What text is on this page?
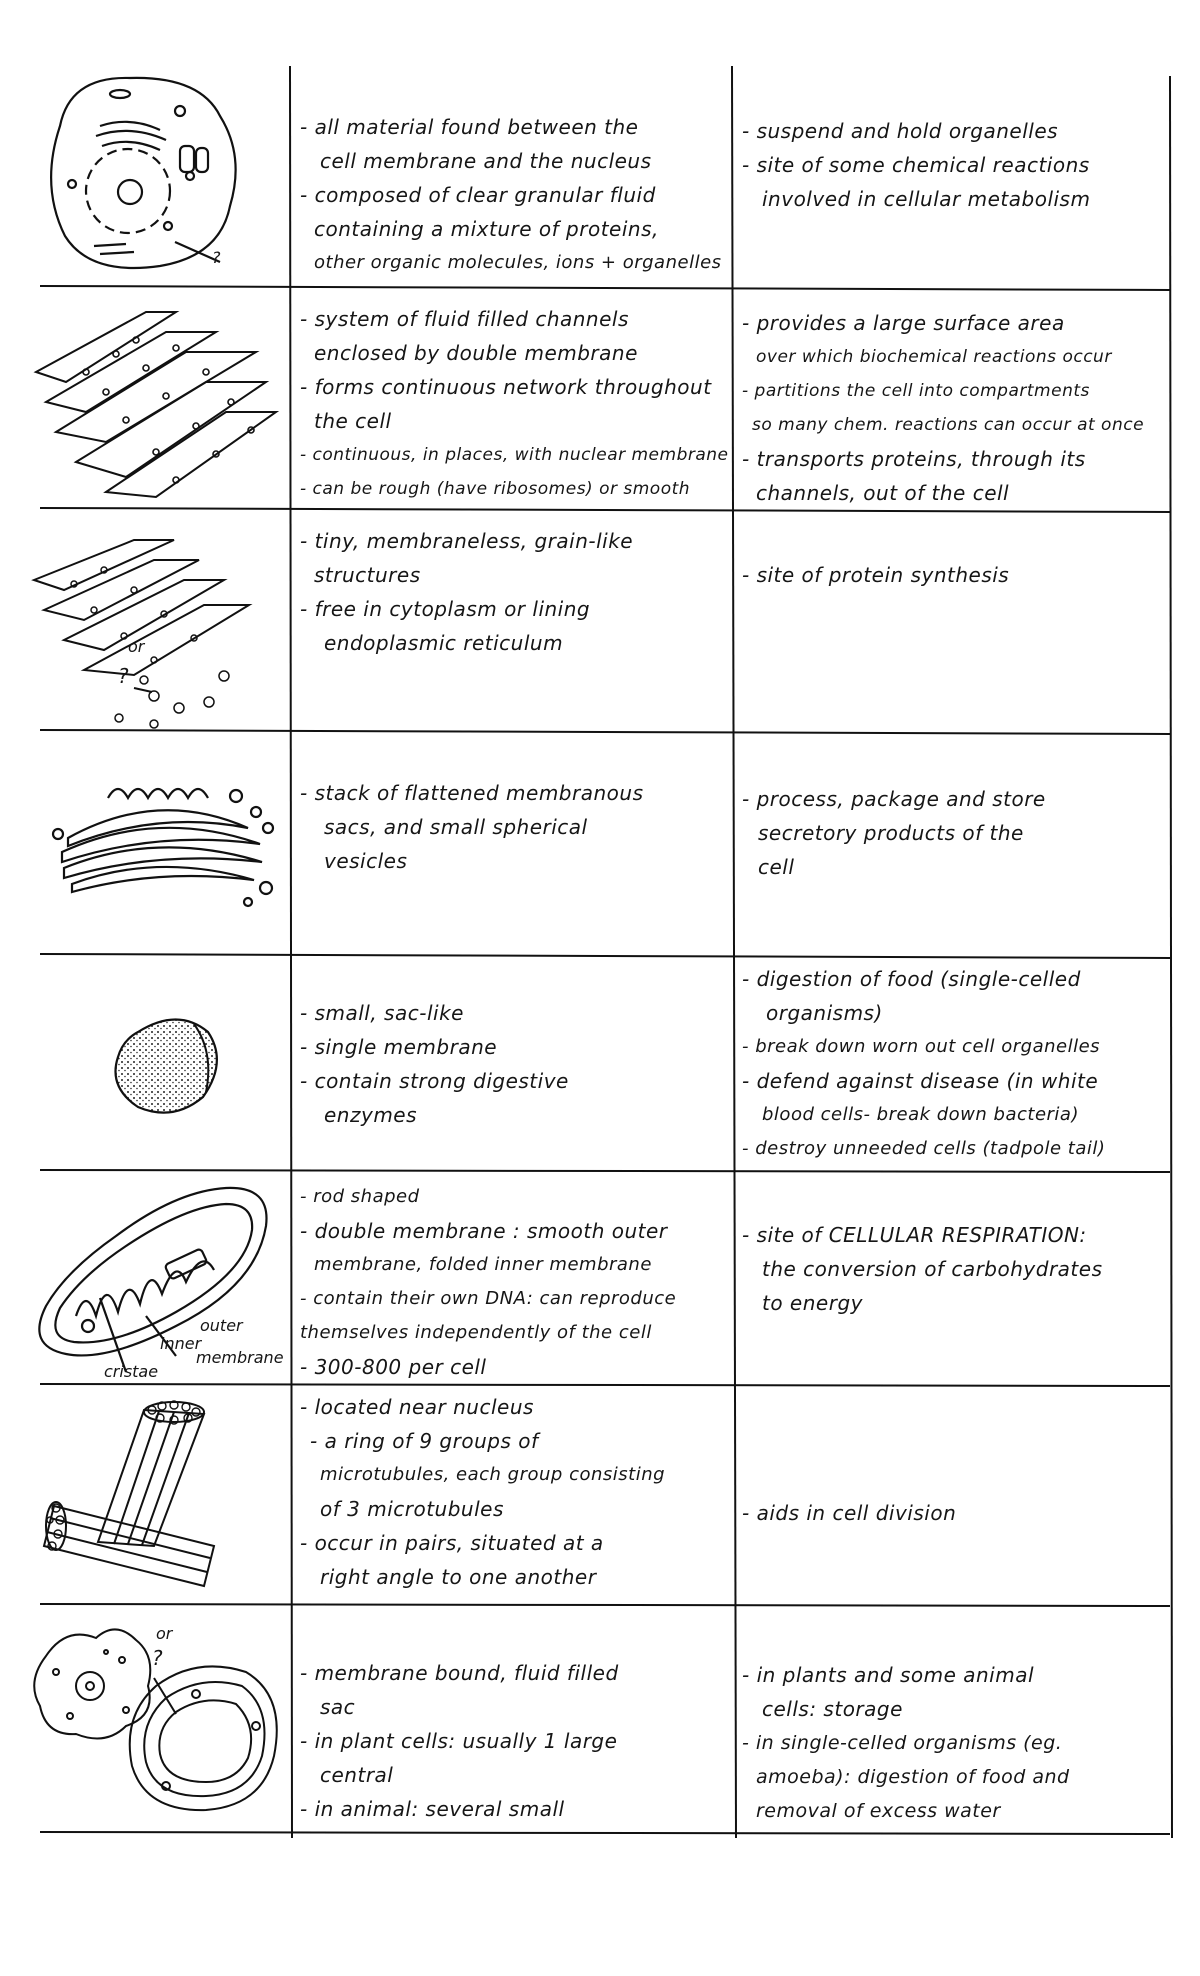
?
- all material found between the
cell membrane and the nucleus
- composed of clear granular fluid
containing a mixture of proteins,
other organic molecules, ions + organelles
- suspend and hold organelles
- site of some chemical reactions
involved in cellular metabolism
- system of fluid filled channels
enclosed by double membrane
- forms continuous network throughout
the cell
- continuous, in places, with nuclear membrane
- can be rough (have ribosomes) or smooth
- provides a large surface area
over which biochemical reactions occur
- partitions the cell into compartments
so many chem. reactions can occur at once
- transports proteins, through its
channels, out of the cell
or
?
- tiny, membraneless, grain-like
structures
- free in cytoplasm or lining
endoplasmic reticulum
- site of protein synthesis
- stack of flattened membranous
sacs, and small spherical
vesicles
- process, package and store
secretory products of the
cell
- small, sac-like
- single membrane
- contain strong digestive
enzymes
- digestion of food (single-celled
organisms)
- break down worn out cell organelles
- defend against disease (in white
blood cells- break down bacteria)
- destroy unneeded cells (tadpole tail)
outer
inner
membrane
cristae
- rod shaped
- double membrane : smooth outer
membrane, folded inner membrane
- contain their own DNA: can reproduce
themselves independently of the cell
- 300-800 per cell
- site of CELLULAR RESPIRATION:
the conversion of carbohydrates
to energy
- located near nucleus
- a ring of 9 groups of
microtubules, each group consisting
of 3 microtubules
- occur in pairs, situated at a
right angle to one another
- aids in cell division
or
?
- membrane bound, fluid filled
sac
- in plant cells: usually 1 large
central
- in animal: several small
- in plants and some animal
cells: storage
- in single-celled organisms (eg.
amoeba): digestion of food and
removal of excess water
